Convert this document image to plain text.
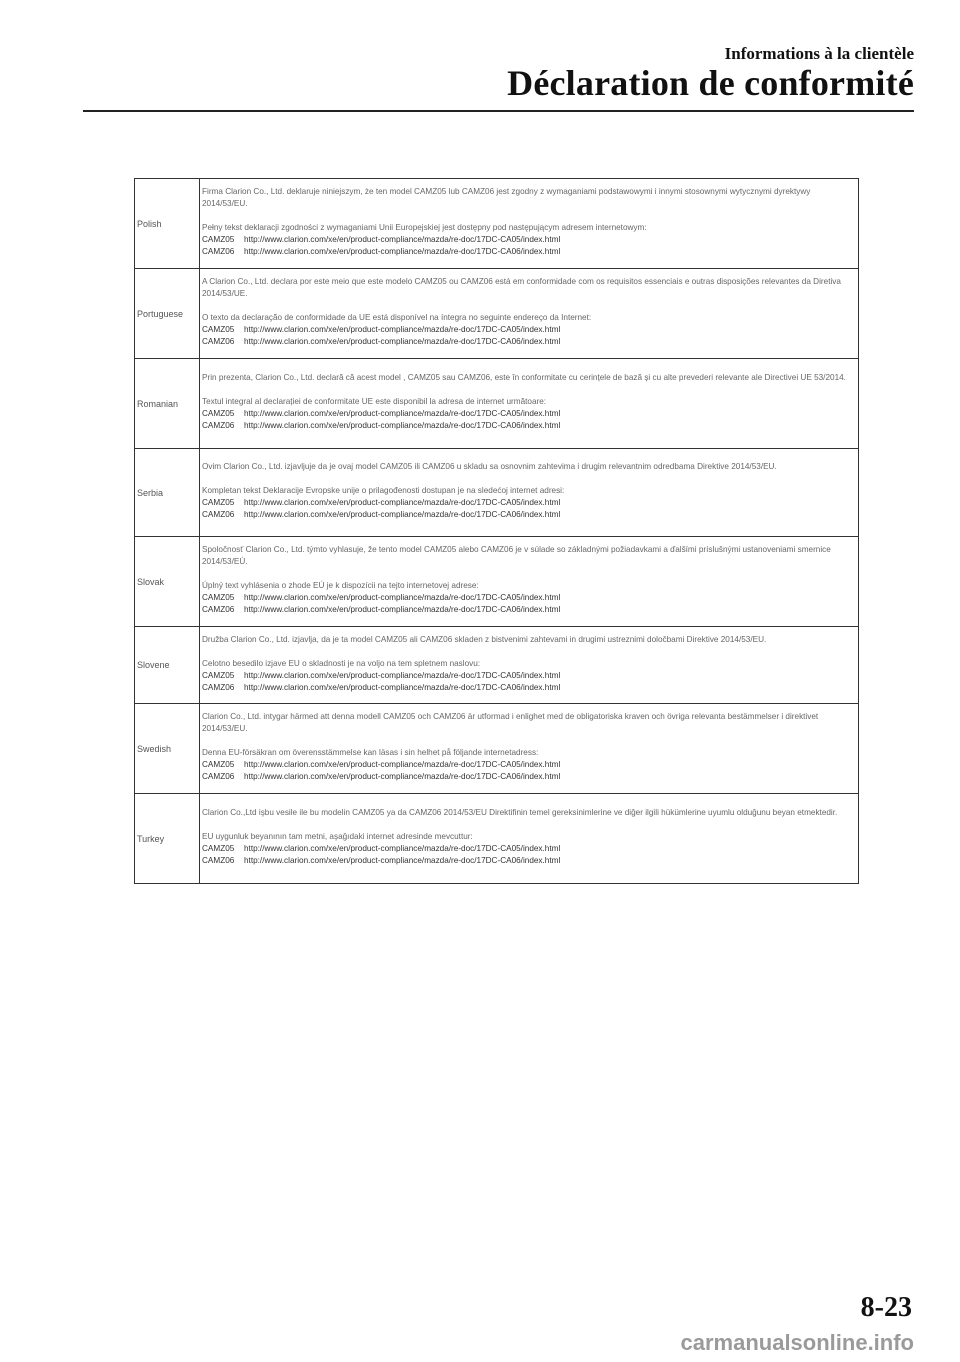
Informations à la clientèle
Déclaration de conformité
Polish	Firma Clarion Co., Ltd. deklaruje niniejszym, że ten model CAMZ05 lub CAMZ06 jest zgodny z wymaganiami podstawowymi i innymi stosownymi wytycznymi dyrektywy 2014/53/EU.

Pełny tekst deklaracji zgodności z wymaganiami Unii Europejskiej jest dostępny pod następującym adresem internetowym:

CAMZ05 http://www.clarion.com/xe/en/product-compliance/mazda/re-doc/17DC-CA05/index.html

CAMZ06 http://www.clarion.com/xe/en/product-compliance/mazda/re-doc/17DC-CA06/index.html

Portuguese	A Clarion Co., Ltd. declara por este meio que este modelo CAMZ05 ou CAMZ06 está em conformidade com os requisitos essenciais e outras disposições relevantes da Diretiva 2014/53/UE.

O texto da declaração de conformidade da UE está disponível na íntegra no seguinte endereço da Internet:

CAMZ05 http://www.clarion.com/xe/en/product-compliance/mazda/re-doc/17DC-CA05/index.html

CAMZ06 http://www.clarion.com/xe/en/product-compliance/mazda/re-doc/17DC-CA06/index.html

Romanian	Prin prezenta, Clarion Co., Ltd. declară că acest model , CAMZ05 sau CAMZ06, este în conformitate cu cerințele de bază și cu alte prevederi relevante ale Directivei UE 53/2014.

Textul integral al declarației de conformitate UE este disponibil la adresa de internet următoare:

CAMZ05 http://www.clarion.com/xe/en/product-compliance/mazda/re-doc/17DC-CA05/index.html

CAMZ06 http://www.clarion.com/xe/en/product-compliance/mazda/re-doc/17DC-CA06/index.html

Serbia	Ovim Clarion Co., Ltd. izjavljuje da je ovaj model CAMZ05 ili CAMZ06 u skladu sa osnovnim zahtevima i drugim relevantnim odredbama Direktive 2014/53/EU.

Kompletan tekst Deklaracije Evropske unije o prilagođenosti dostupan je na sledećoj internet adresi:

CAMZ05 http://www.clarion.com/xe/en/product-compliance/mazda/re-doc/17DC-CA05/index.html

CAMZ06 http://www.clarion.com/xe/en/product-compliance/mazda/re-doc/17DC-CA06/index.html

Slovak	Spoločnosť Clarion Co., Ltd. týmto vyhlasuje, že tento model CAMZ05 alebo CAMZ06 je v súlade so základnými požiadavkami a ďalšími príslušnými ustanoveniami smernice 2014/53/EÚ.

Úplný text vyhlásenia o zhode EÚ je k dispozícii na tejto internetovej adrese:

CAMZ05 http://www.clarion.com/xe/en/product-compliance/mazda/re-doc/17DC-CA05/index.html

CAMZ06 http://www.clarion.com/xe/en/product-compliance/mazda/re-doc/17DC-CA06/index.html

Slovene	Družba Clarion Co., Ltd. izjavlja, da je ta model CAMZ05 ali CAMZ06 skladen z bistvenimi zahtevami in drugimi ustreznimi določbami Direktive 2014/53/EU.

Celotno besedilo izjave EU o skladnosti je na voljo na tem spletnem naslovu:

CAMZ05 http://www.clarion.com/xe/en/product-compliance/mazda/re-doc/17DC-CA05/index.html

CAMZ06 http://www.clarion.com/xe/en/product-compliance/mazda/re-doc/17DC-CA06/index.html

Swedish	Clarion Co., Ltd. intygar härmed att denna modell CAMZ05 och CAMZ06 är utformad i enlighet med de obligatoriska kraven och övriga relevanta bestämmelser i direktivet 2014/53/EU.

Denna EU-försäkran om överensstämmelse kan läsas i sin helhet på följande internetadress:

CAMZ05 http://www.clarion.com/xe/en/product-compliance/mazda/re-doc/17DC-CA05/index.html

CAMZ06 http://www.clarion.com/xe/en/product-compliance/mazda/re-doc/17DC-CA06/index.html

Turkey	Clarion Co.,Ltd işbu vesile ile bu modelin CAMZ05 ya da CAMZ06 2014/53/EU Direktifinin temel gereksinimlerine ve diğer ilgili hükümlerine uyumlu olduğunu beyan etmektedir.

EU uygunluk beyanının tam metni, aşağıdaki internet adresinde mevcuttur:

CAMZ05 http://www.clarion.com/xe/en/product-compliance/mazda/re-doc/17DC-CA05/index.html

CAMZ06 http://www.clarion.com/xe/en/product-compliance/mazda/re-doc/17DC-CA06/index.html

8-23
carmanualsonline.info
